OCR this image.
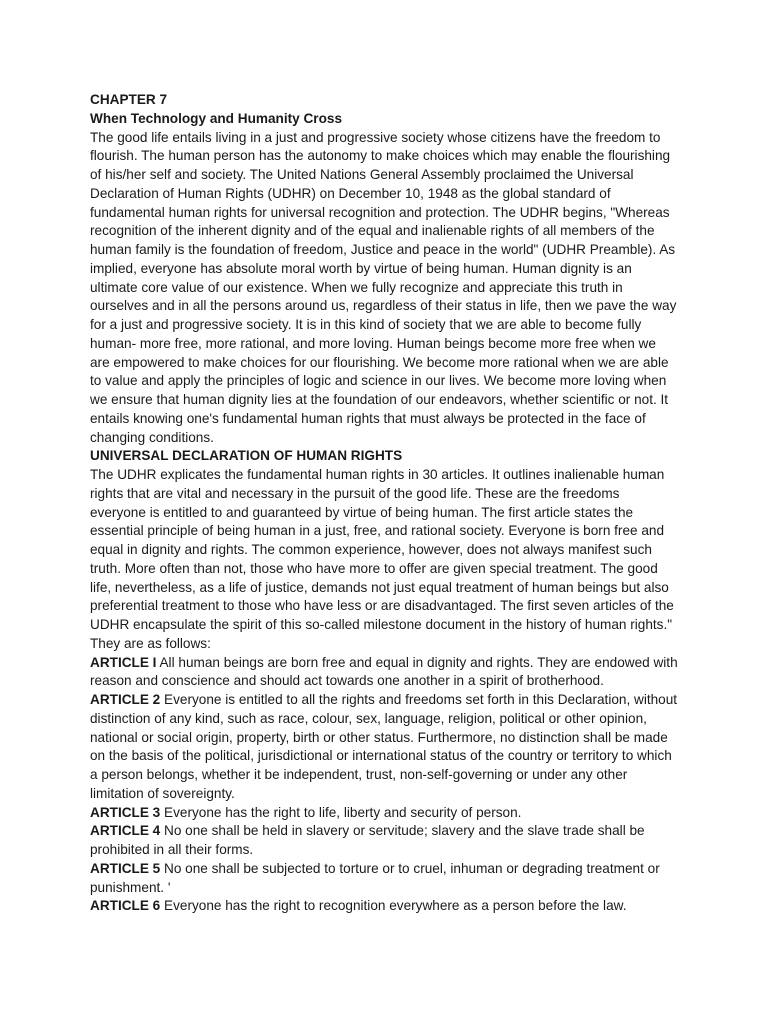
CHAPTER 7

When Technology and Humanity Cross

The good life entails living in a just and progressive society whose citizens have the freedom to flourish. The human person has the autonomy to make choices which may enable the flourishing of his/her self and society. The United Nations General Assembly proclaimed the Universal Declaration of Human Rights (UDHR) on December 10, 1948 as the global standard of fundamental human rights for universal recognition and protection. The UDHR begins, "Whereas recognition of the inherent dignity and of the equal and inalienable rights of all members of the human family is the foundation of freedom, Justice and peace in the world" (UDHR Preamble). As implied, everyone has absolute moral worth by virtue of being human. Human dignity is an ultimate core value of our existence. When we fully recognize and appreciate this truth in ourselves and in all the persons around us, regardless of their status in life, then we pave the way for a just and progressive society. It is in this kind of society that we are able to become fully human- more free, more rational, and more loving. Human beings become more free when we are empowered to make choices for our flourishing. We become more rational when we are able to value and apply the principles of logic and science in our lives. We become more loving when we ensure that human dignity lies at the foundation of our endeavors, whether scientific or not. It entails knowing one's fundamental human rights that must always be protected in the face of changing conditions.

UNIVERSAL DECLARATION OF HUMAN RIGHTS

The UDHR explicates the fundamental human rights in 30 articles. It outlines inalienable human rights that are vital and necessary in the pursuit of the good life. These are the freedoms everyone is entitled to and guaranteed by virtue of being human. The first article states the essential principle of being human in a just, free, and rational society. Everyone is born free and equal in dignity and rights. The common experience, however, does not always manifest such truth. More often than not, those who have more to offer are given special treatment. The good life, nevertheless, as a life of justice, demands not just equal treatment of human beings but also preferential treatment to those who have less or are disadvantaged. The first seven articles of the UDHR encapsulate the spirit of this so-called milestone document in the history of human rights." They are as follows:

ARTICLE I All human beings are born free and equal in dignity and rights. They are endowed with reason and conscience and should act towards one another in a spirit of brotherhood.

ARTICLE 2 Everyone is entitled to all the rights and freedoms set forth in this Declaration, without distinction of any kind, such as race, colour, sex, language, religion, political or other opinion, national or social origin, property, birth or other status. Furthermore, no distinction shall be made on the basis of the political, jurisdictional or international status of the country or territory to which a person belongs, whether it be independent, trust, non-self-governing or under any other limitation of sovereignty.

ARTICLE 3 Everyone has the right to life, liberty and security of person.

ARTICLE 4 No one shall be held in slavery or servitude; slavery and the slave trade shall be prohibited in all their forms.

ARTICLE 5 No one shall be subjected to torture or to cruel, inhuman or degrading treatment or punishment. '

ARTICLE 6 Everyone has the right to recognition everywhere as a person before the law.
